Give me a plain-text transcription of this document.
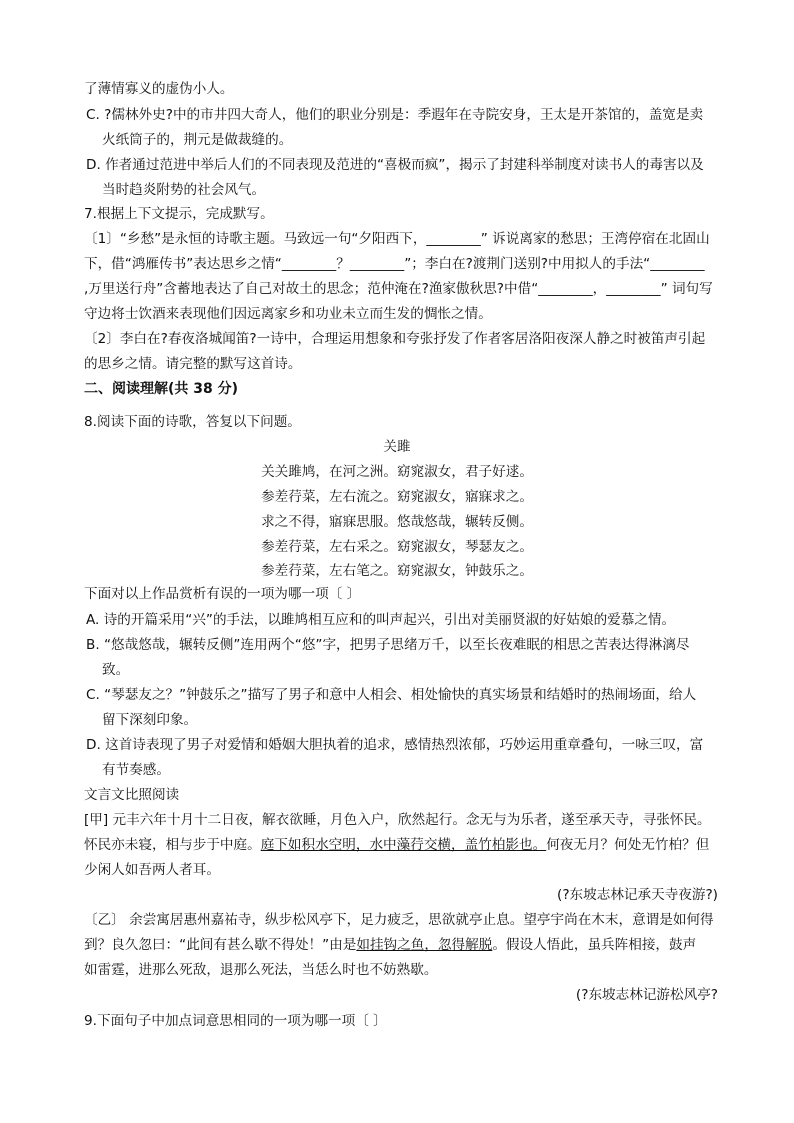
了薄情寡义的虚伪小人。
C. ?儒林外史?中的市井四大奇人，他们的职业分别是：季遐年在寺院安身，王太是开茶馆的，盖宽是卖
火纸筒子的，荆元是做裁缝的。
D. 作者通过范进中举后人们的不同表现及范进的“喜极而疯”，揭示了封建科举制度对读书人的毒害以及
当时趋炎附势的社会风气。
7.根据上下文提示，完成默写。
〔1〕“乡愁”是永恒的诗歌主题。马致远一句“夕阳西下，________” 诉说离家的愁思；王湾停宿在北固山
下，借“鸿雁传书”表达思乡之情“________？________”；李白在?渡荆门送别?中用拟人的手法“________
,万里送行舟”含蓄地表达了自己对故土的思念；范仲淹在?渔家傲秋思?中借“________，________” 词句写
守边将士饮酒来表现他们因远离家乡和功业未立而生发的惆怅之情。
〔2〕李白在?春夜洛城闻笛?一诗中，合理运用想象和夸张抒发了作者客居洛阳夜深人静之时被笛声引起
的思乡之情。请完整的默写这首诗。
二、阅读理解(共 38 分)
8.阅读下面的诗歌，答复以下问题。
关雎
关关雎鸠，在河之洲。窈窕淑女，君子好逑。
参差荇菜，左右流之。窈窕淑女，寤寐求之。
求之不得，寤寐思服。悠哉悠哉，辗转反侧。
参差荇菜，左右采之。窈窕淑女，琴瑟友之。
参差荇菜，左右笔之。窈窕淑女，钟鼓乐之。
下面对以上作品赏析有误的一项为哪一项〔 〕
A. 诗的开篇采用“兴”的手法，以雎鸠相互应和的叫声起兴，引出对美丽贤淑的好姑娘的爱慕之情。
B. “悠哉悠哉，辗转反侧”连用两个“悠”字，把男子思绪万千，以至长夜难眠的相思之苦表达得淋漓尽
致。
C. “琴瑟友之？”钟鼓乐之”描写了男子和意中人相会、相处愉快的真实场景和结婚时的热闹场面，给人
留下深刻印象。
D. 这首诗表现了男子对爱情和婚姻大胆执着的追求，感情热烈浓郁，巧妙运用重章叠句，一咏三叹，富
有节奏感。
文言文比照阅读
[甲] 元丰六年十月十二日夜，解衣欲睡，月色入户，欣然起行。念无与为乐者，遂至承天寺，寻张怀民。
怀民亦未寝，相与步于中庭。庭下如积水空明，水中藻荇交横，盖竹柏影也。何夜无月？何处无竹柏？但
少闲人如吾两人者耳。
(?东坡志林记承天寺夜游?)
〔乙〕 余尝寓居惠州嘉祐寺，纵步松风亭下，足力疲乏，思欲就亭止息。望亭宇尚在木末，意谓是如何得
到？良久忽曰：“此间有甚么歇不得处！”由是如挂钩之鱼，忽得解脱。假设人悟此，虽兵阵相接，鼓声
如雷霆，进那么死敌，退那么死法，当恁么时也不妨熟歇。
(?东坡志林记游松风亭?
9.下面句子中加点词意思相同的一项为哪一项〔 〕
